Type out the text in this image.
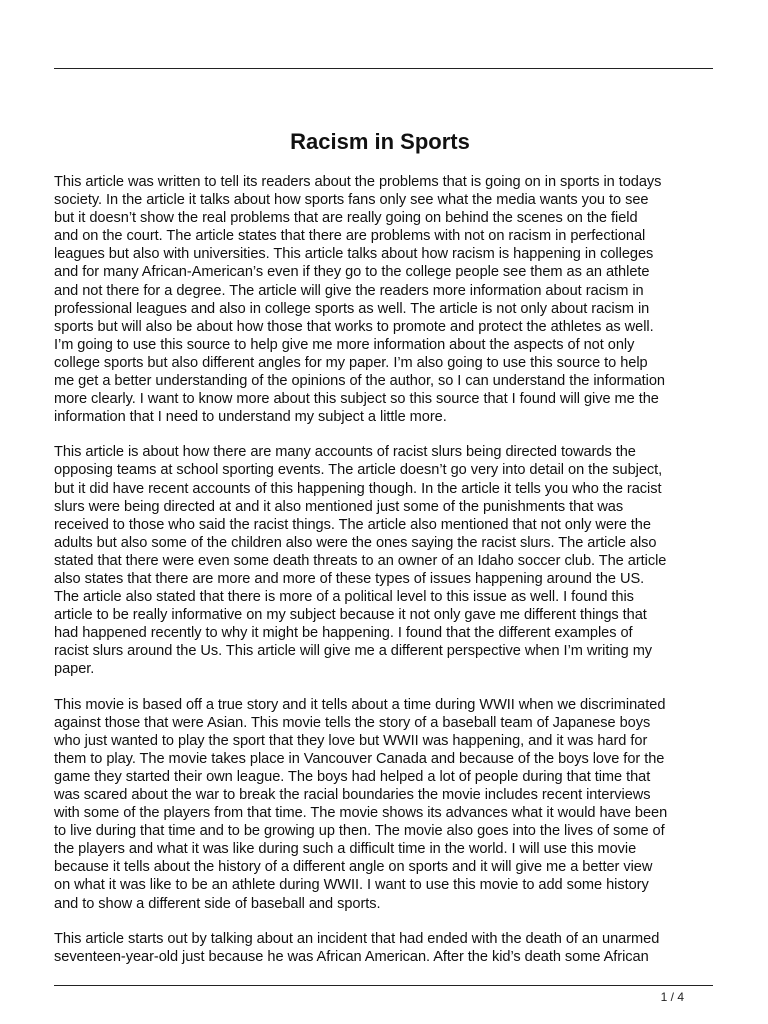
Racism in Sports

This article was written to tell its readers about the problems that is going on in sports in todays
society. In the article it talks about how sports fans only see what the media wants you to see
but it doesn’t show the real problems that are really going on behind the scenes on the field
and on the court. The article states that there are problems with not on racism in perfectional
leagues but also with universities. This article talks about how racism is happening in colleges
and for many African-American’s even if they go to the college people see them as an athlete
and not there for a degree. The article will give the readers more information about racism in
professional leagues and also in college sports as well. The article is not only about racism in
sports but will also be about how those that works to promote and protect the athletes as well.
I’m going to use this source to help give me more information about the aspects of not only
college sports but also different angles for my paper. I’m also going to use this source to help
me get a better understanding of the opinions of the author, so I can understand the information
more clearly. I want to know more about this subject so this source that I found will give me the
information that I need to understand my subject a little more.

This article is about how there are many accounts of racist slurs being directed towards the
opposing teams at school sporting events. The article doesn’t go very into detail on the subject,
but it did have recent accounts of this happening though. In the article it tells you who the racist
slurs were being directed at and it also mentioned just some of the punishments that was
received to those who said the racist things. The article also mentioned that not only were the
adults but also some of the children also were the ones saying the racist slurs. The article also
stated that there were even some death threats to an owner of an Idaho soccer club. The article
also states that there are more and more of these types of issues happening around the US.
The article also stated that there is more of a political level to this issue as well. I found this
article to be really informative on my subject because it not only gave me different things that
had happened recently to why it might be happening. I found that the different examples of
racist slurs around the Us. This article will give me a different perspective when I’m writing my
paper.

This movie is based off a true story and it tells about a time during WWII when we discriminated
against those that were Asian. This movie tells the story of a baseball team of Japanese boys
who just wanted to play the sport that they love but WWII was happening, and it was hard for
them to play. The movie takes place in Vancouver Canada and because of the boys love for the
game they started their own league. The boys had helped a lot of people during that time that
was scared about the war to break the racial boundaries the movie includes recent interviews
with some of the players from that time. The movie shows its advances what it would have been
to live during that time and to be growing up then. The movie also goes into the lives of some of
the players and what it was like during such a difficult time in the world. I will use this movie
because it tells about the history of a different angle on sports and it will give me a better view
on what it was like to be an athlete during WWII. I want to use this movie to add some history
and to show a different side of baseball and sports.

This article starts out by talking about an incident that had ended with the death of an unarmed
seventeen-year-old just because he was African American. After the kid’s death some African

1 / 4
